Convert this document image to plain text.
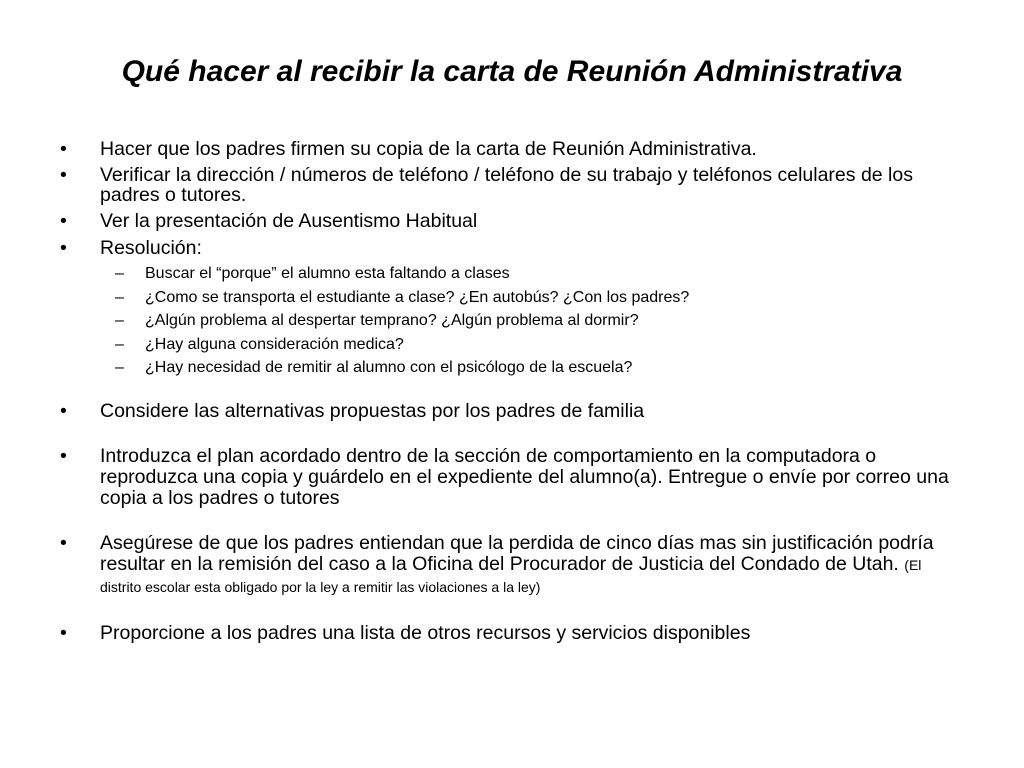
Qué hacer al recibir la carta de Reunión Administrativa
• Hacer que los padres firmen su copia de la carta de Reunión Administrativa.
• Verificar la dirección / números de teléfono / teléfono de su trabajo y teléfonos celulares de los padres o tutores.
• Ver la presentación de Ausentismo Habitual
• Resolución:
– Buscar el “porque” el alumno esta faltando a clases
– ¿Como se transporta el estudiante a clase? ¿En autobús? ¿Con los padres?
– ¿Algún problema al despertar temprano? ¿Algún problema al dormir?
– ¿Hay alguna consideración medica?
– ¿Hay necesidad de remitir al alumno con el psicólogo de la escuela?
• Considere las alternativas propuestas por los padres de familia
• Introduzca el plan acordado dentro de la sección de comportamiento en la computadora o reproduzca una copia y guárdelo en el expediente del alumno(a). Entregue o envíe por correo una copia a los padres o tutores
• Asegúrese de que los padres entiendan que la perdida de cinco días mas sin justificación podría resultar en la remisión del caso a la Oficina del Procurador de Justicia del Condado de Utah. (El distrito escolar esta obligado por la ley a remitir las violaciones a la ley)
• Proporcione a los padres una lista de otros recursos y servicios disponibles
